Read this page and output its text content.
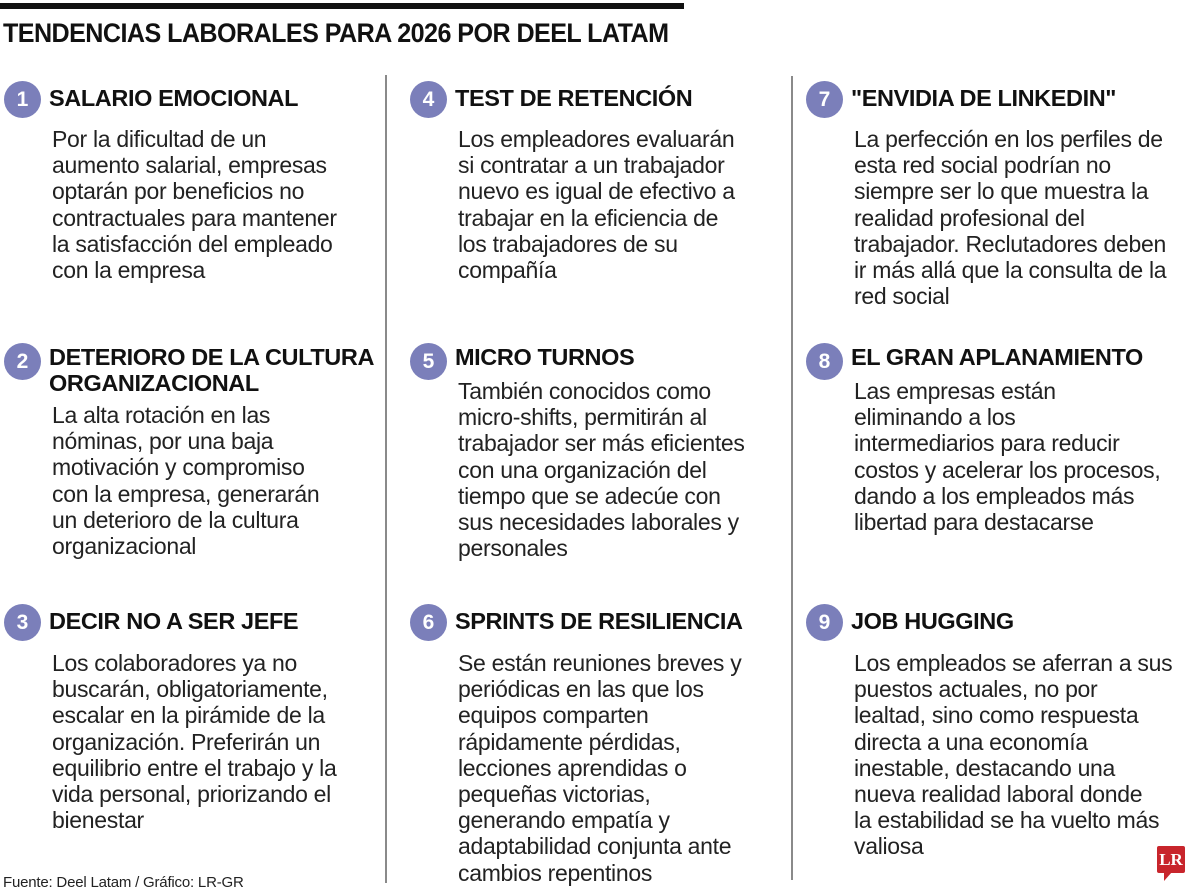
TENDENCIAS LABORALES PARA 2026 POR DEEL LATAM
1 SALARIO EMOCIONAL
Por la dificultad de un
aumento salarial, empresas
optarán por beneficios no
contractuales para mantener
la satisfacción del empleado
con la empresa
2 DETERIORO DE LA CULTURA
ORGANIZACIONAL
La alta rotación en las
nóminas, por una baja
motivación y compromiso
con la empresa, generarán
un deterioro de la cultura
organizacional
3 DECIR NO A SER JEFE
Los colaboradores ya no
buscarán, obligatoriamente,
escalar en la pirámide de la
organización. Preferirán un
equilibrio entre el trabajo y la
vida personal, priorizando el
bienestar
4 TEST DE RETENCIÓN
Los empleadores evaluarán
si contratar a un trabajador
nuevo es igual de efectivo a
trabajar en la eficiencia de
los trabajadores de su
compañía
5 MICRO TURNOS
También conocidos como
micro-shifts, permitirán al
trabajador ser más eficientes
con una organización del
tiempo que se adecúe con
sus necesidades laborales y
personales
6 SPRINTS DE RESILIENCIA
Se están reuniones breves y
periódicas en las que los
equipos comparten
rápidamente pérdidas,
lecciones aprendidas o
pequeñas victorias,
generando empatía y
adaptabilidad conjunta ante
cambios repentinos
7 "ENVIDIA DE LINKEDIN"
La perfección en los perfiles de
esta red social podrían no
siempre ser lo que muestra la
realidad profesional del
trabajador. Reclutadores deben
ir más allá que la consulta de la
red social
8 EL GRAN APLANAMIENTO
Las empresas están
eliminando a los
intermediarios para reducir
costos y acelerar los procesos,
dando a los empleados más
libertad para destacarse
9 JOB HUGGING
Los empleados se aferran a sus
puestos actuales, no por
lealtad, sino como respuesta
directa a una economía
inestable, destacando una
nueva realidad laboral donde
la estabilidad se ha vuelto más
valiosa
Fuente: Deel Latam / Gráfico: LR-GR
LR
